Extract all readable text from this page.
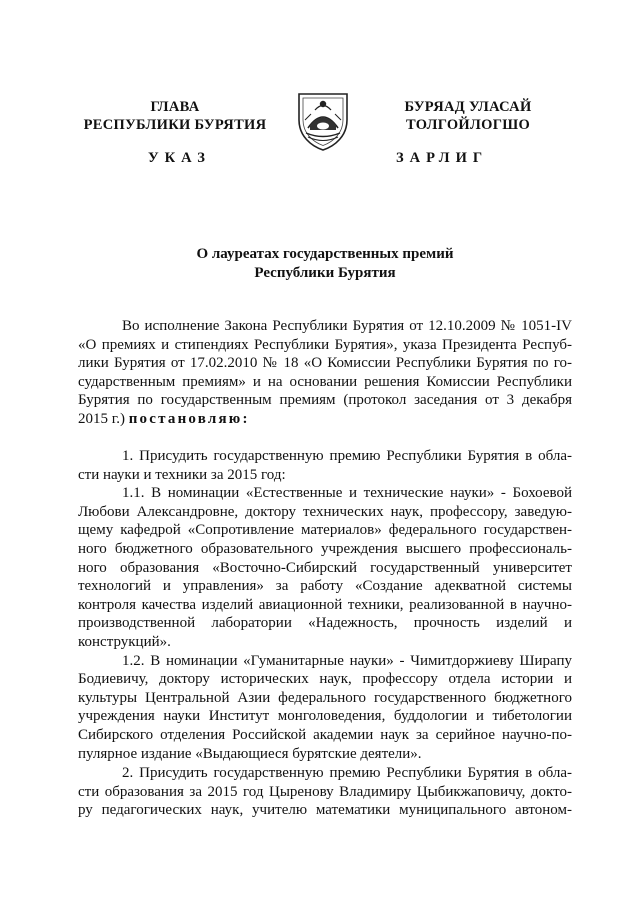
ГЛАВА
РЕСПУБЛИКИ БУРЯТИЯ
БУРЯАД УЛАСАЙ
ТОЛГОЙЛОГШО
УКАЗ	ЗАРЛИГ
О лауреатах государственных премий
Республики Бурятия
Во исполнение Закона Республики Бурятия от 12.10.2009 № 1051-IV
«О премиях и стипендиях Республики Бурятия», указа Президента Респуб-
лики Бурятия от 17.02.2010 № 18 «О Комиссии Республики Бурятия по го-
сударственным премиям» и на основании решения Комиссии Республики
Бурятия по государственным премиям (протокол заседания от 3 декабря
2015 г.) постановляю:
1. Присудить государственную премию Республики Бурятия в обла-
сти науки и техники за 2015 год:
1.1. В номинации «Естественные и технические науки» - Бохоевой
Любови Александровне, доктору технических наук, профессору, заведую-
щему кафедрой «Сопротивление материалов» федерального государствен-
ного бюджетного образовательного учреждения высшего профессиональ-
ного образования «Восточно-Сибирский государственный университет
технологий и управления» за работу «Создание адекватной системы
контроля качества изделий авиационной техники, реализованной в научно-
производственной лаборатории «Надежность, прочность изделий и
конструкций».
1.2. В номинации «Гуманитарные науки» - Чимитдоржиеву Ширапу
Бодиевичу, доктору исторических наук, профессору отдела истории и
культуры Центральной Азии федерального государственного бюджетного
учреждения науки Институт монголоведения, буддологии и тибетологии
Сибирского отделения Российской академии наук за серийное научно-по-
пулярное издание «Выдающиеся бурятские деятели».
2. Присудить государственную премию Республики Бурятия в обла-
сти образования за 2015 год Цыренову Владимиру Цыбикжаповичу, докто-
ру педагогических наук, учителю математики муниципального автоном-
